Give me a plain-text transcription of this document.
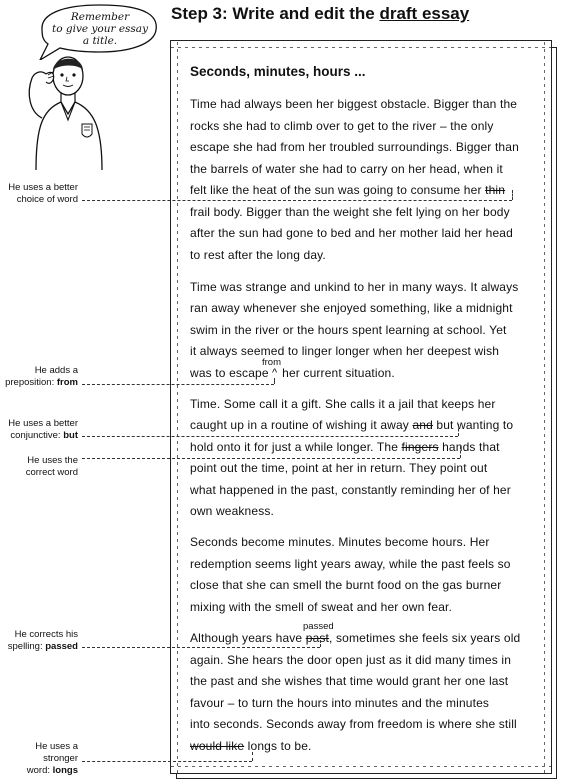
Step 3: Write and edit the draft essay
Remember
to give your essay
a title.
Seconds, minutes, hours ...
Time had always been her biggest obstacle. Bigger than the
rocks she had to climb over to get to the river – the only
escape she had from her troubled surroundings. Bigger than
the barrels of water she had to carry on her head, when it
felt like the heat of the sun was going to consume her thin
frail body. Bigger than the weight she felt lying on her body
after the sun had gone to bed and her mother laid her head
to rest after the long day.
Time was strange and unkind to her in many ways. It always
ran away whenever she enjoyed something, like a midnight
swim in the river or the hours spent learning at school. Yet
it always seemed to linger longer when her deepest wish
from
^
was to escape her current situation.
Time. Some call it a gift. She calls it a jail that keeps her
caught up in a routine of wishing it away and but wanting to
hold onto it for just a while longer. The fingers hands that
point out the time, point at her in return. They point out
what happened in the past, constantly reminding her of her
own weakness.
Seconds become minutes. Minutes become hours. Her
redemption seems light years away, while the past feels so
close that she can smell the burnt food on the gas burner
mixing with the smell of sweat and her own fear.
passed
Although years have past, sometimes she feels six years old
again. She hears the door open just as it did many times in
the past and she wishes that time would grant her one last
favour – to turn the hours into minutes and the minutes
into seconds. Seconds away from freedom is where she still
would like longs to be.
He uses a better
choice of word
He adds a
preposition: from
He uses a better
conjunctive: but
He uses the
correct word
He corrects his
spelling: passed
He uses a stronger
word: longs
